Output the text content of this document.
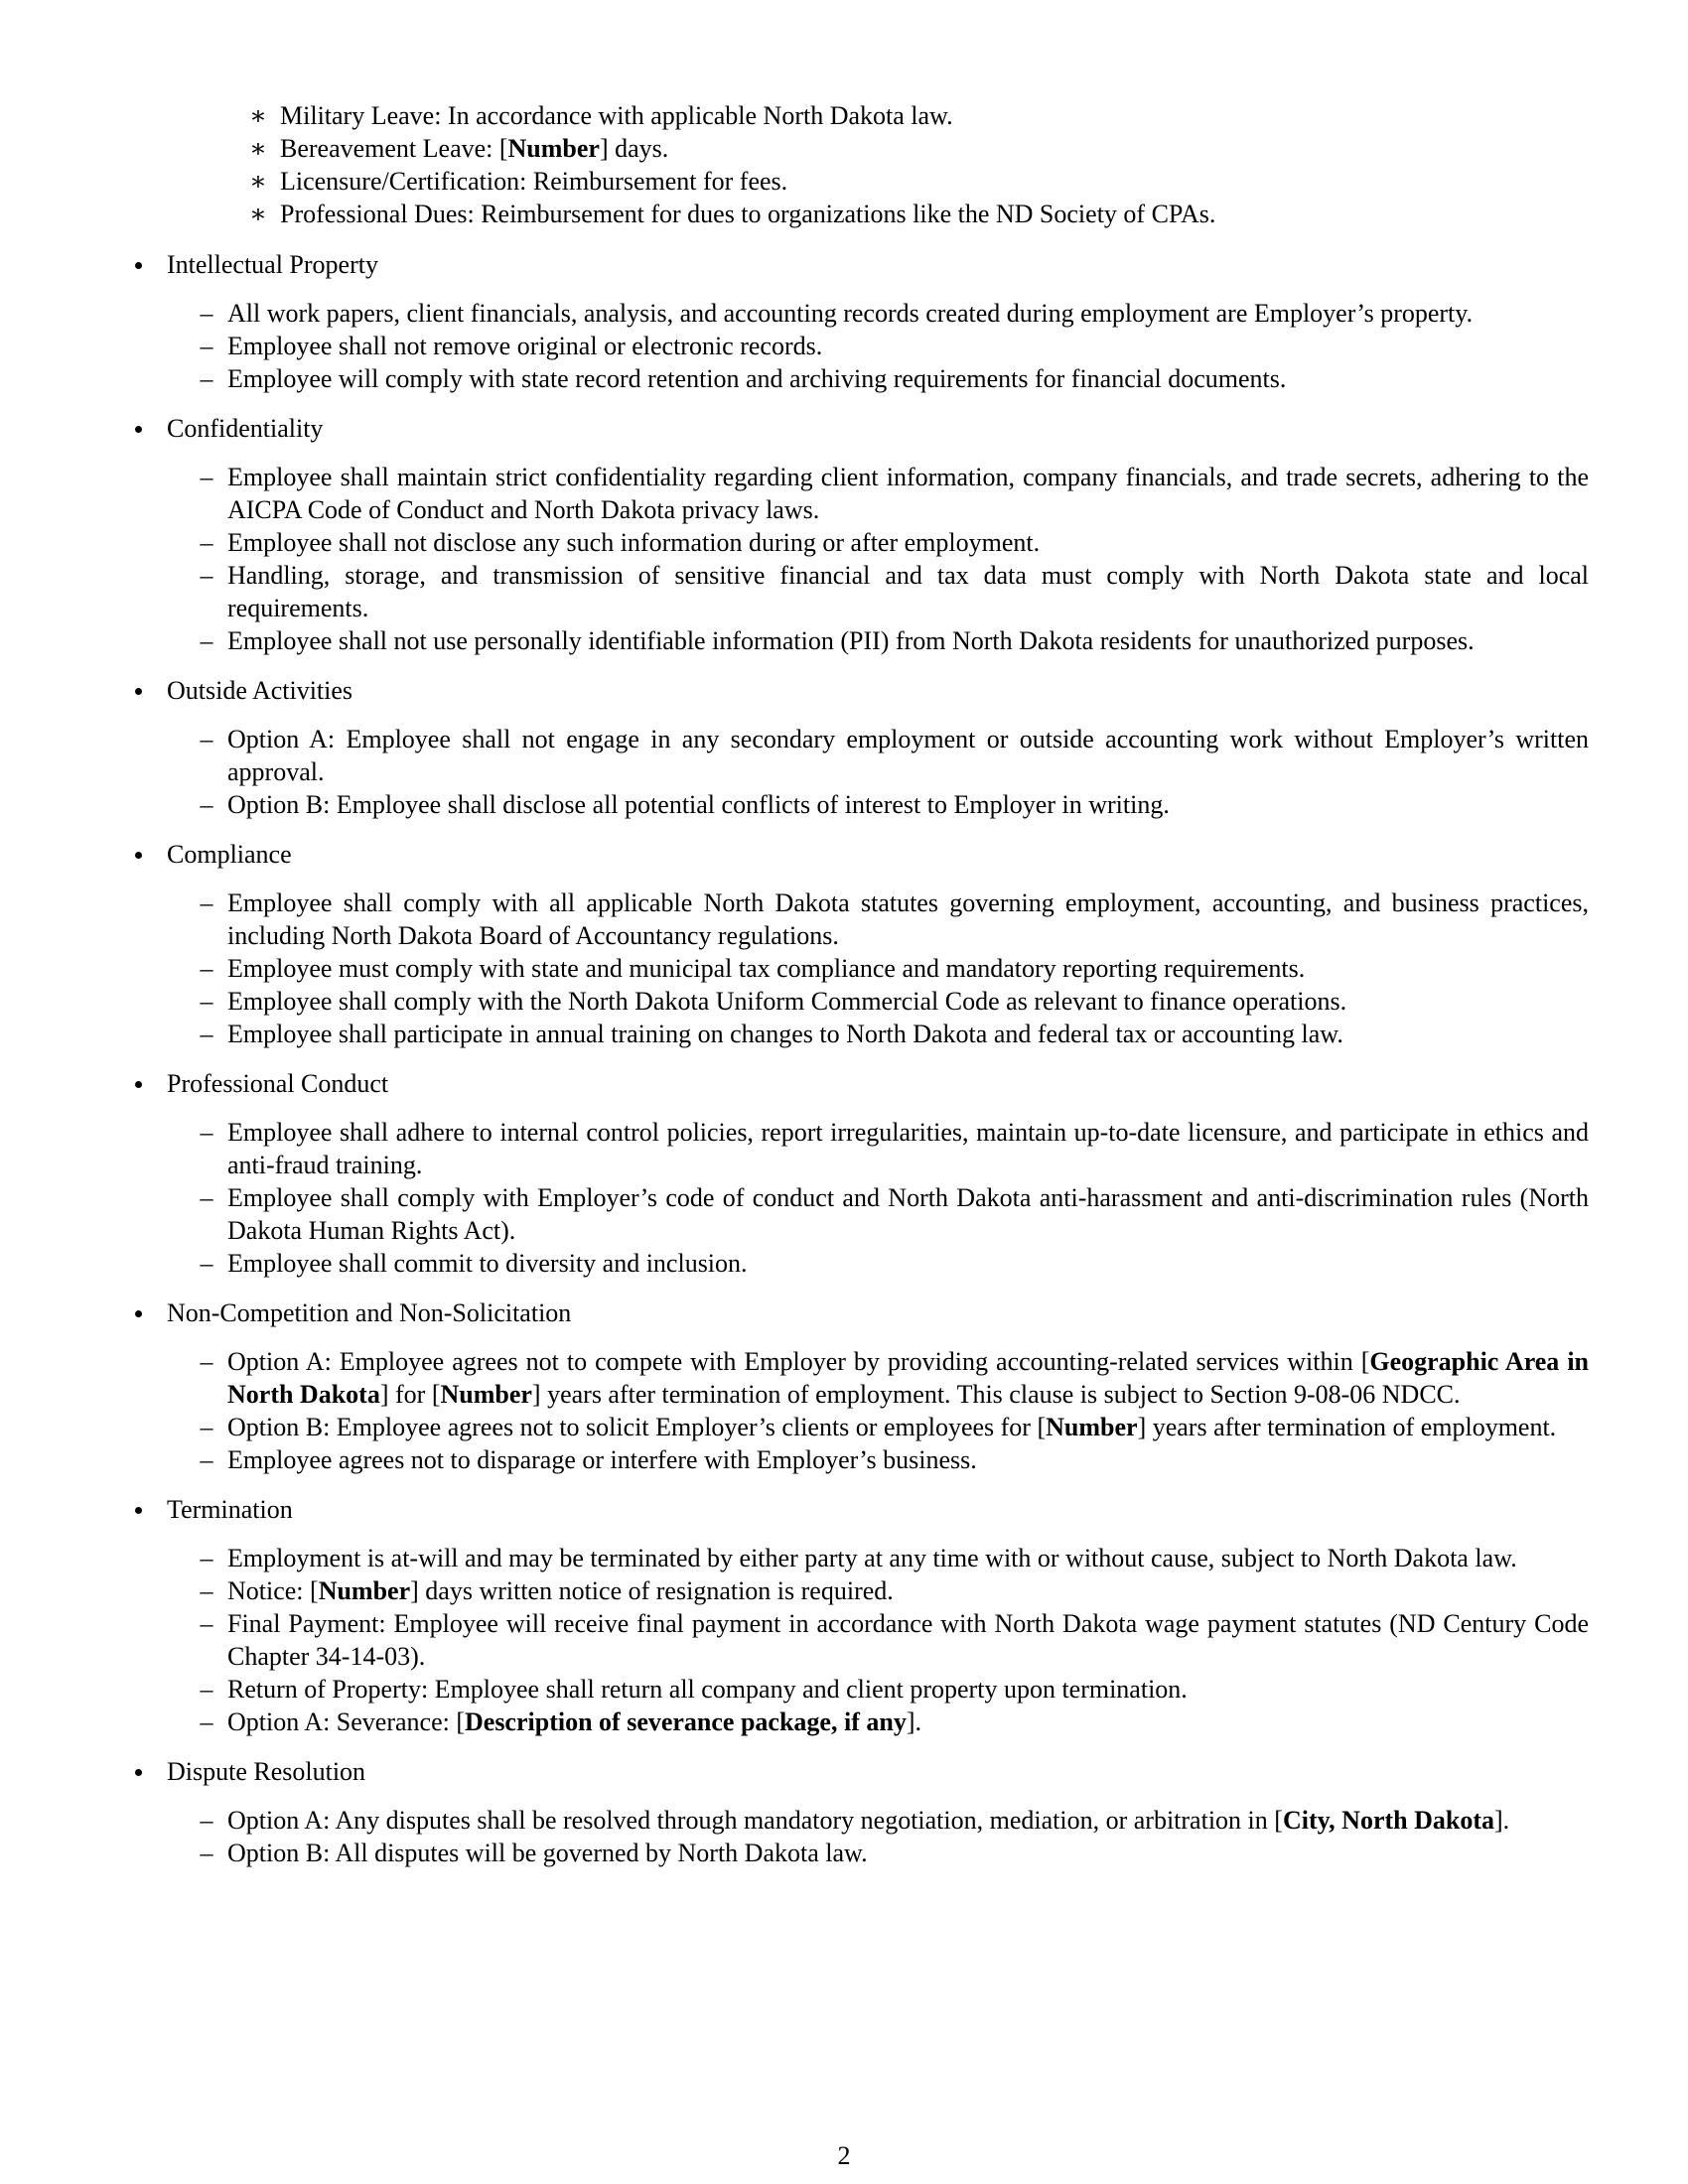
∗ Military Leave: In accordance with applicable North Dakota law.
∗ Bereavement Leave: [Number] days.
∗ Licensure/Certification: Reimbursement for fees.
∗ Professional Dues: Reimbursement for dues to organizations like the ND Society of CPAs.
Intellectual Property
– All work papers, client financials, analysis, and accounting records created during employment are Employer’s property.
– Employee shall not remove original or electronic records.
– Employee will comply with state record retention and archiving requirements for financial documents.
Confidentiality
– Employee shall maintain strict confidentiality regarding client information, company financials, and trade secrets, adhering to the AICPA Code of Conduct and North Dakota privacy laws.
– Employee shall not disclose any such information during or after employment.
– Handling, storage, and transmission of sensitive financial and tax data must comply with North Dakota state and local requirements.
– Employee shall not use personally identifiable information (PII) from North Dakota residents for unauthorized purposes.
Outside Activities
– Option A: Employee shall not engage in any secondary employment or outside accounting work without Employer’s written approval.
– Option B: Employee shall disclose all potential conflicts of interest to Employer in writing.
Compliance
– Employee shall comply with all applicable North Dakota statutes governing employment, accounting, and business practices, including North Dakota Board of Accountancy regulations.
– Employee must comply with state and municipal tax compliance and mandatory reporting requirements.
– Employee shall comply with the North Dakota Uniform Commercial Code as relevant to finance operations.
– Employee shall participate in annual training on changes to North Dakota and federal tax or accounting law.
Professional Conduct
– Employee shall adhere to internal control policies, report irregularities, maintain up-to-date licensure, and participate in ethics and anti-fraud training.
– Employee shall comply with Employer’s code of conduct and North Dakota anti-harassment and anti-discrimination rules (North Dakota Human Rights Act).
– Employee shall commit to diversity and inclusion.
Non-Competition and Non-Solicitation
– Option A: Employee agrees not to compete with Employer by providing accounting-related services within [Geographic Area in North Dakota] for [Number] years after termination of employment. This clause is subject to Section 9-08-06 NDCC.
– Option B: Employee agrees not to solicit Employer’s clients or employees for [Number] years after termination of employment.
– Employee agrees not to disparage or interfere with Employer’s business.
Termination
– Employment is at-will and may be terminated by either party at any time with or without cause, subject to North Dakota law.
– Notice: [Number] days written notice of resignation is required.
– Final Payment: Employee will receive final payment in accordance with North Dakota wage payment statutes (ND Century Code Chapter 34-14-03).
– Return of Property: Employee shall return all company and client property upon termination.
– Option A: Severance: [Description of severance package, if any].
Dispute Resolution
– Option A: Any disputes shall be resolved through mandatory negotiation, mediation, or arbitration in [City, North Dakota].
– Option B: All disputes will be governed by North Dakota law.
2
